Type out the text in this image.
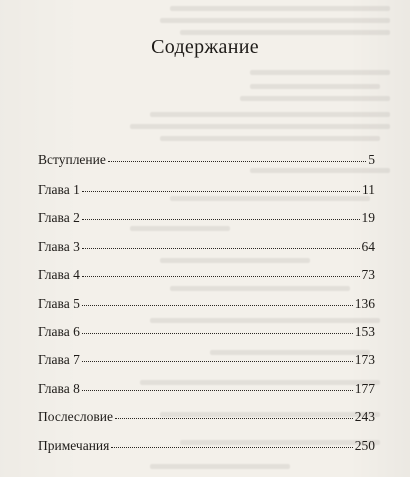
Содержание
Вступление	5
Глава 1	11
Глава 2	19
Глава 3	64
Глава 4	73
Глава 5	136
Глава 6	153
Глава 7	173
Глава 8	177
Послесловие	243
Примечания	250
